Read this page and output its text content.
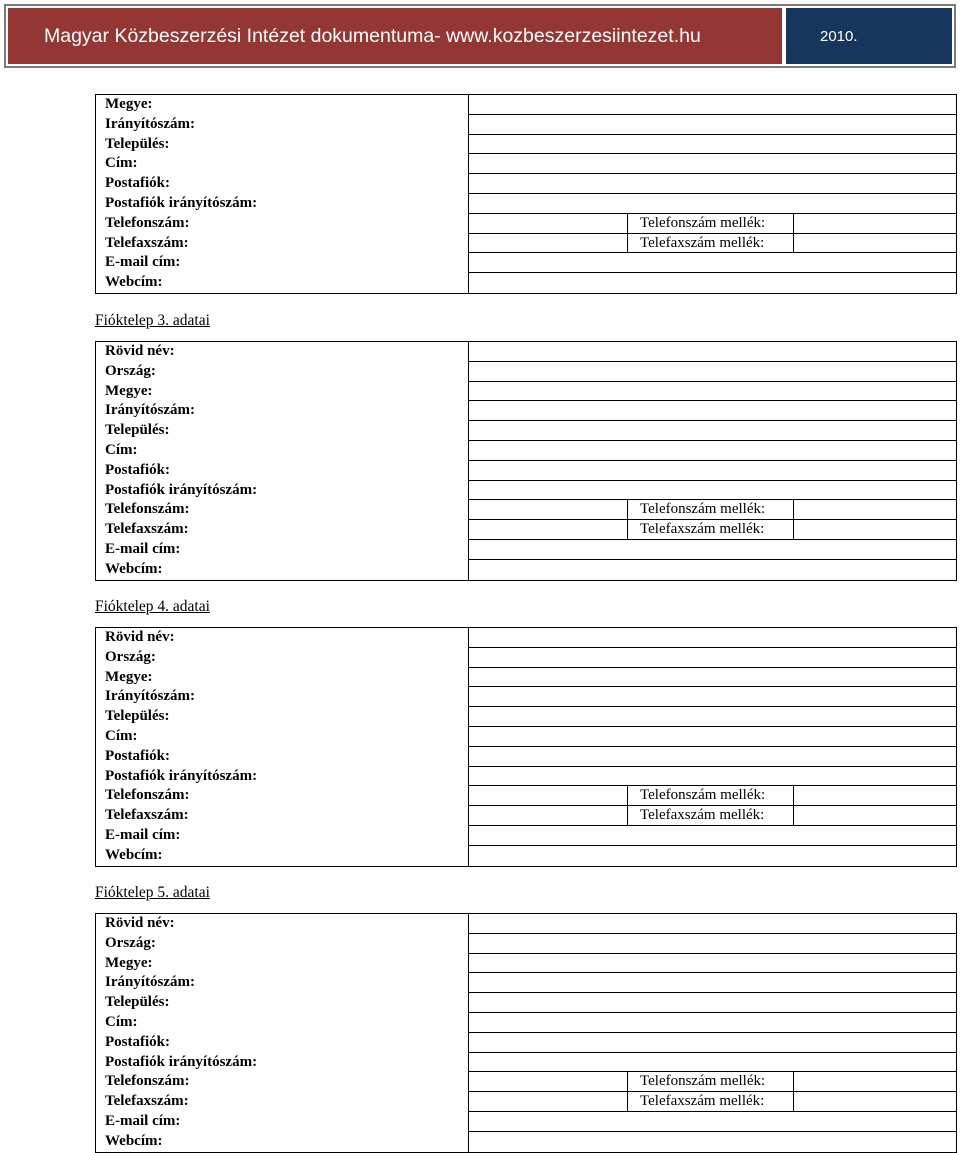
Magyar Közbeszerzési Intézet dokumentuma- www.kozbeszerzesiintezet.hu	2010.
Megye:
Irányítószám:
Település:
Cím:
Postafiók:
Postafiók irányítószám:
Telefonszám:	Telefonszám mellék:
Telefaxszám:	Telefaxszám mellék:
E-mail cím:
Webcím:
Fióktelep 3. adatai
Rövid név:
Ország:
Megye:
Irányítószám:
Település:
Cím:
Postafiók:
Postafiók irányítószám:
Telefonszám:	Telefonszám mellék:
Telefaxszám:	Telefaxszám mellék:
E-mail cím:
Webcím:
Fióktelep 4. adatai
Rövid név:
Ország:
Megye:
Irányítószám:
Település:
Cím:
Postafiók:
Postafiók irányítószám:
Telefonszám:	Telefonszám mellék:
Telefaxszám:	Telefaxszám mellék:
E-mail cím:
Webcím:
Fióktelep 5. adatai
Rövid név:
Ország:
Megye:
Irányítószám:
Település:
Cím:
Postafiók:
Postafiók irányítószám:
Telefonszám:	Telefonszám mellék:
Telefaxszám:	Telefaxszám mellék:
E-mail cím:
Webcím:
